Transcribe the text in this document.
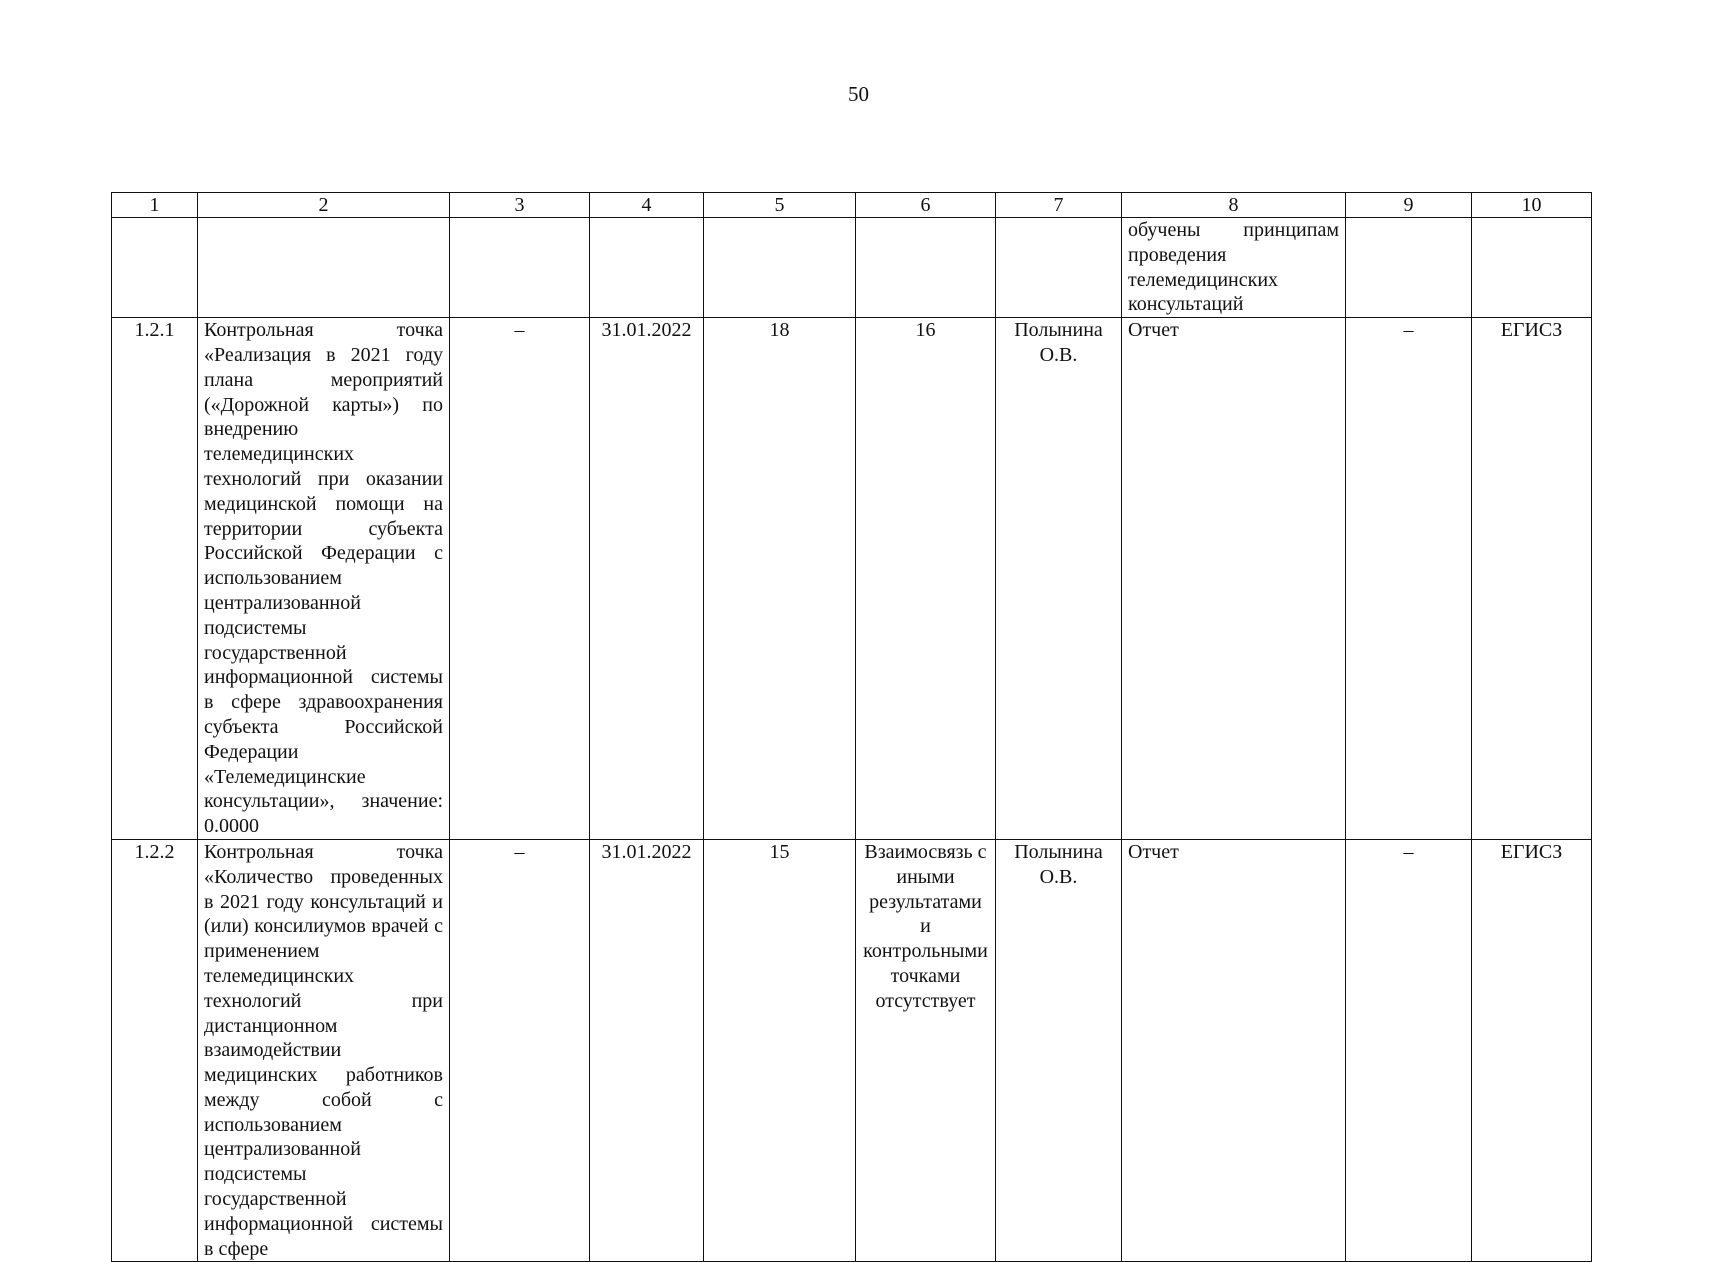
50
1	2	3	4	5	6	7	8	9	10
							обучены принципам проведения телемедицинских консультаций		
1.2.1	Контрольная точка «Реализация в 2021 году плана мероприятий («Дорожной карты») по внедрению телемедицинских технологий при оказании медицинской помощи на территории субъекта Российской Федерации с использованием централизованной подсистемы государственной информационной системы в сфере здравоохранения субъекта Российской Федерации «Телемедицинские консультации», значение: 0.0000	–	31.01.2022	18	16	Полынина О.В.	Отчет	–	ЕГИСЗ
1.2.2	Контрольная точка «Количество проведенных в 2021 году консультаций и (или) консилиумов врачей с применением телемедицинских технологий при дистанционном взаимодействии медицинских работников между собой с использованием централизованной подсистемы государственной информационной системы в сфере	–	31.01.2022	15	Взаимосвязь с иными результатами и контрольными точками отсутствует	Полынина О.В.	Отчет	–	ЕГИСЗ
